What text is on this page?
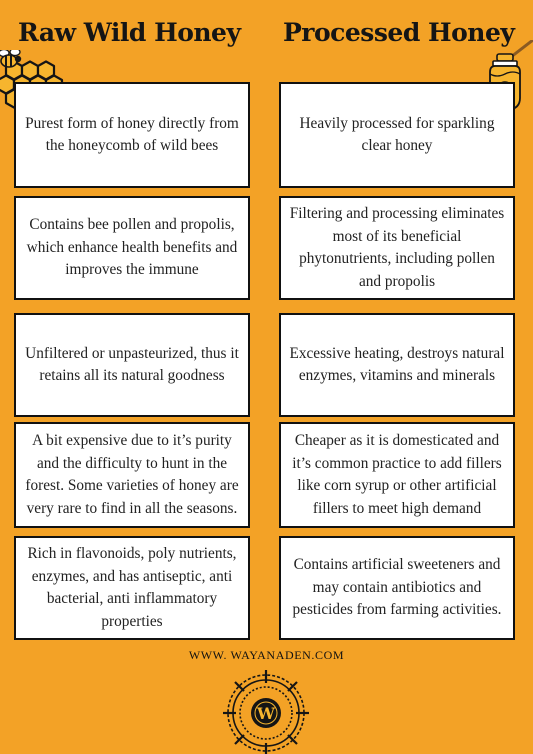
Raw Wild Honey Processed Honey
Purest form of honey directly from the honeycomb of wild bees
Contains bee pollen and propolis, which enhance health benefits and improves the immune
Unfiltered or unpasteurized, thus it retains all its natural goodness
A bit expensive due to it’s purity and the difficulty to hunt in the forest. Some varieties of honey are very rare to find in all the seasons.
Rich in flavonoids, poly nutrients, enzymes, and has antiseptic, anti bacterial, anti inflammatory properties
Heavily processed for sparkling clear honey
Filtering and processing eliminates most of its beneficial phytonutrients, including pollen and propolis
Excessive heating, destroys natural enzymes, vitamins and minerals
Cheaper as it is domesticated and it’s common practice to add fillers like corn syrup or other artificial fillers to meet high demand
Contains artificial sweeteners and may contain antibiotics and pesticides from farming activities.
WWW. WAYANADEN.COM
W
